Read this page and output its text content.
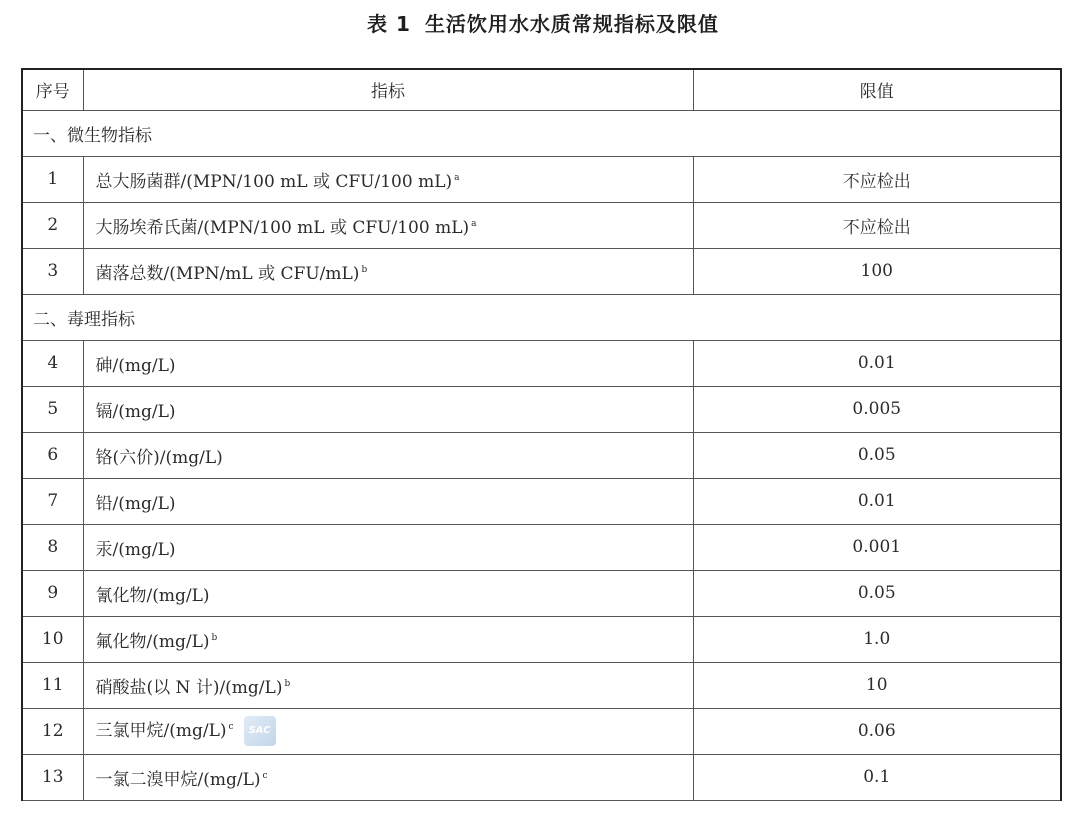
表 1 生活饮用水水质常规指标及限值
序号	指标	限值
一、微生物指标		
1	总大肠菌群/(MPN/100 mL 或 CFU/100 mL) $^a$	不应检出
2	大肠埃希氏菌/(MPN/100 mL 或 CFU/100 mL) $^a$	不应检出
3	菌落总数/(MPN/mL 或 CFU/mL) $^b$	100
二、毒理指标		
4	砷/(mg/L)	0.01
5	镉/(mg/L)	0.005
6	铬(六价)/(mg/L)	0.05
7	铅/(mg/L)	0.01
8	汞/(mg/L)	0.001
9	氰化物/(mg/L)	0.05
10	氟化物/(mg/L) $^b$	1.0
11	硝酸盐(以 N 计)/(mg/L) $^b$	10
12	三氯甲烷/(mg/L) $^c$ SAC	0.06
13	一氯二溴甲烷/(mg/L) $^c$	0.1
